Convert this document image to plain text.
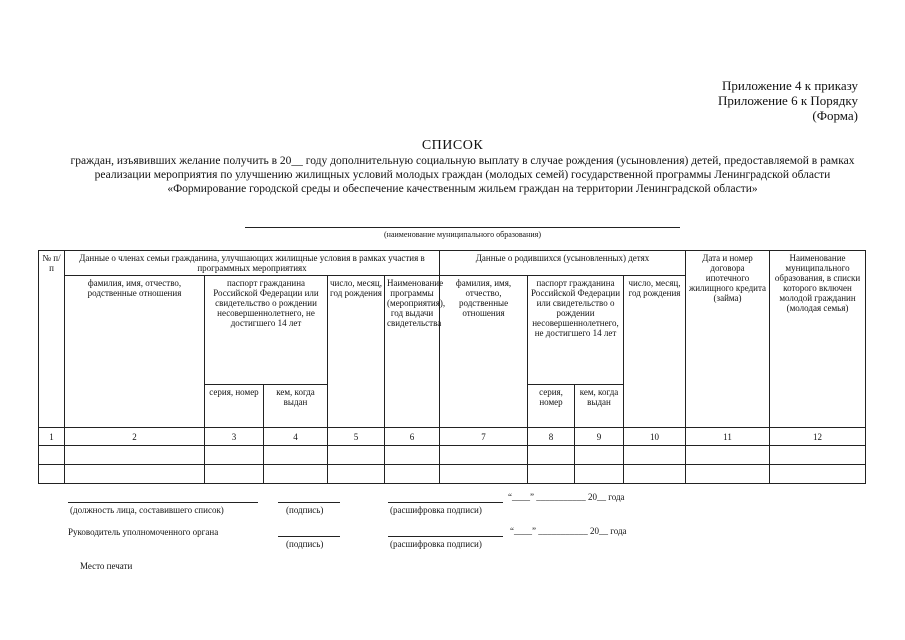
Приложение 4 к приказу
Приложение 6 к Порядку
(Форма)
СПИСОК
граждан, изъявивших желание получить в 20__ году дополнительную социальную выплату в случае рождения (усыновления) детей, предоставляемой в рамках реализации мероприятия по улучшению жилищных условий молодых граждан (молодых семей) государственной программы Ленинградской области «Формирование городской среды и обеспечение качественным жильем граждан на территории Ленинградской области»
(наименование муниципального образования)
№ п/п	Данные о членах семьи гражданина, улучшающих жилищные условия в рамках участия в программных мероприятиях					Данные о родившихся (усыновленных) детях				Дата и номер договора ипотечного жилищного кредита (займа)	Наименование муниципального образования, в списки которого включен молодой гражданин (молодая семья)
	фамилия, имя, отчество, родственные отношения	паспорт гражданина Российской Федерации или свидетельство о рождении несовершеннолетнего, не достигшего 14 лет		число, месяц, год рождения	Наименование программы (мероприятия), год выдачи свидетельства	фамилия, имя, отчество, родственные отношения	паспорт гражданина Российской Федерации или свидетельство о рождении несовершеннолетнего, не достигшего 14 лет		число, месяц, год рождения		
		серия, номер	кем, когда выдан				серия, номер	кем, когда выдан			
1	2	3	4	5	6	7	8	9	10	11	12

(должность лица, составившего список)	(подпись)	(расшифровка подписи)
“____” ___________ 20__ года
Руководитель уполномоченного органа
(подпись)	(расшифровка подписи)
“____” ___________ 20__ года
Место печати
